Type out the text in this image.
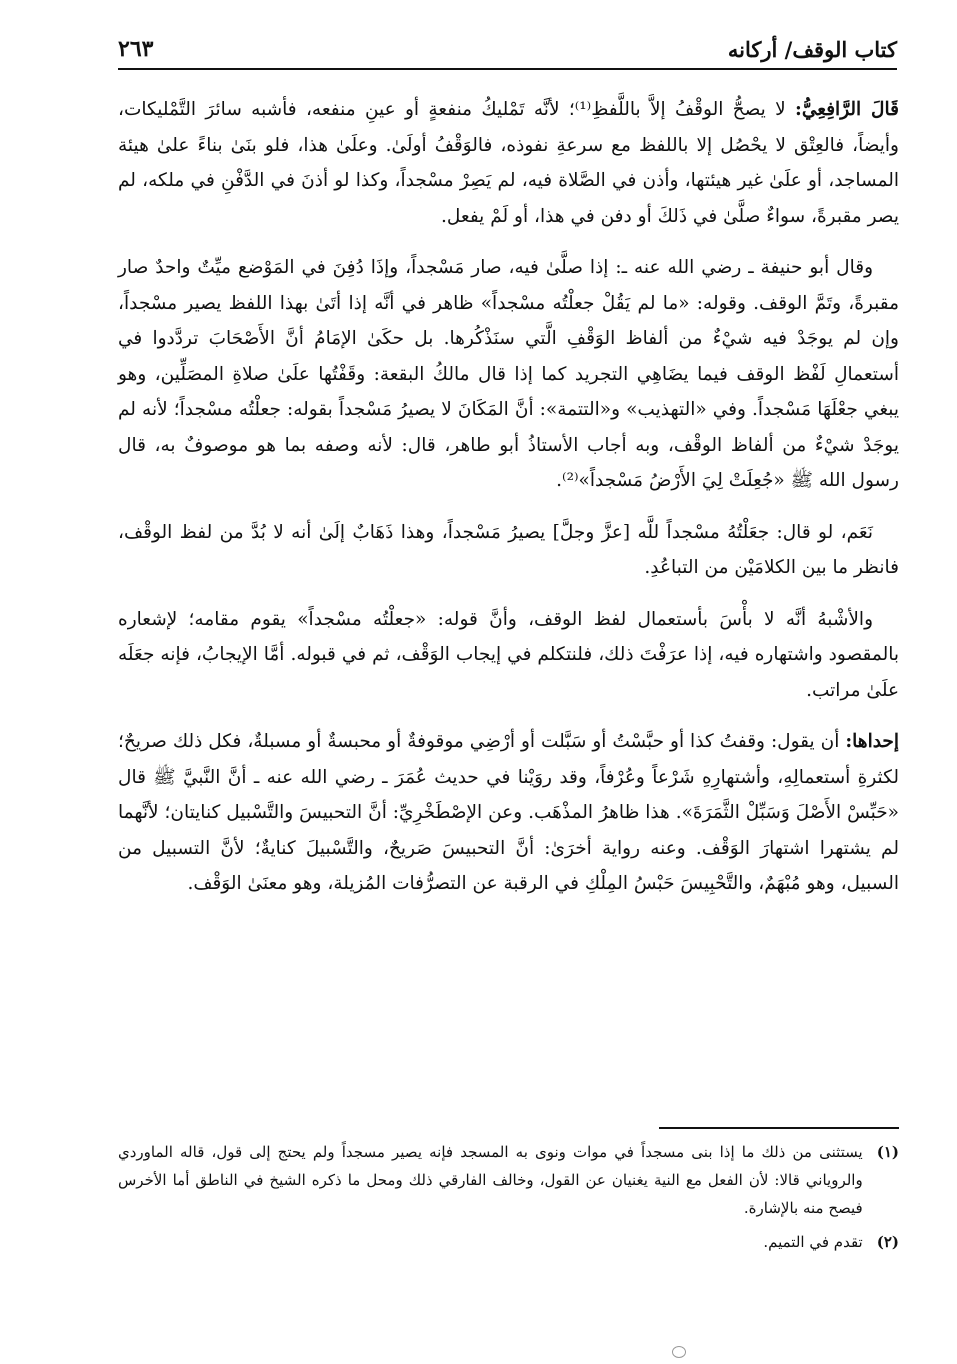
كتاب الوقف/ أركانه
٢٦٣

قَالَ الرَّافِعِيُّ: لا يصحُّ الوقْفُ إلاَّ باللَّفظِ⁽¹⁾؛ لأنَّه تَمْليكُ منفعةٍ أو عينِ منفعه، فأشبه سائرَ التَّمْليكات، وأيضاً، فالعِتْق لا يحْصُل إلا باللفظ مع سرعةِ نفوذه، فالوَقْفُ أولَىٰ. وعلَىٰ هذا، فلو بنَىٰ بناءً علىٰ هيئة المساجد، أو علَىٰ غير هيئتها، وأذن في الصَّلاة فيه، لم يَصِرْ مسْجداً، وكذا لو أذنَ في الدَّفْنِ في ملكه، لم يصر مقبرةً، سواءٌ صلَّىٰ في ذَلكَ أو دفن في هذا، أو لَمْ يفعل.

وقال أبو حنيفة ـ رضي الله عنه ـ: إذا صلَّىٰ فيه، صار مَسْجداً، وإذَا دُفِنَ في المَوْضع ميِّتٌ واحدٌ صار مقبرةً، وتَمَّ الوقف. وقوله: «ما لم يَقُلْ جعلْتُه مسْجداً» ظاهر في أنَّه إذا أتَىٰ بهذا اللفظ يصير مسْجداً، وإن لم يوجَدْ فيه شيْءٌ من ألفاظ الوَقْفِ الَّتي سنَذْكُرها. بل حكَىٰ الإمَامُ أنَّ الأَصْحَابَ تردَّدوا في أستعمالِ لَفْظ الوقف فيما يضَاهِي التجريد كما إذا قال مالكُ البقعة: وقَفْتُها علَىٰ صلاةِ المصَلِّين، وهو يبغي جعْلَهَا مَسْجداً. وفي «التهذيب» و«التتمة»: أنَّ المَكَانَ لا يصيرُ مَسْجداً بقوله: جعلْتُه مسْجداً؛ لأنه لم يوجَدْ شيْءٌ من ألفاظ الوقْف، وبه أجاب الأستاذُ أبو طاهر، قال: لأنه وصفه بما هو موصوفٌ به، قال رسول الله ﷺ «جُعِلَتْ لِيَ الأَرْضُ مَسْجداً»⁽²⁾.

نَعَم، لو قال: جعَلْتُهُ مسْجداً للَّه [عزَّ وجلَّ] يصيرُ مَسْجداً، وهذا ذَهَابٌ إلَىٰ أنه لا بُدَّ من لفظ الوقْف، فانظر ما بين الكلامَيْن من التباعُدِ.

والأشْبهُ أنَّه لا بأْسَ بأستعمال لفظ الوقف، وأنَّ قوله: «جعلْتُه مسْجداً» يقوم مقامه؛ لإشعاره بالمقصود واشتهاره فيه، إذا عرَفْتَ ذلك، فلنتكلم في إيجاب الوَقْف، ثم في قبوله. أمَّا الإيجابُ، فإنه جعَلَه علَىٰ مراتب.

إحداها: أن يقول: وقفتُ كذا أو حبَّسْتُ أو سَبَّلت أو أرْضِي موقوفةٌ أو محبسةٌ أو مسبلةٌ، فكل ذلك صريحٌ؛ لكثرةِ أستعمالِهِ، وأشتهارِهِ شَرْعاً وعُرْفاً، وقد روَيْنا في حديث عُمَرَ ـ رضي الله عنه ـ أنَّ النَّبيَّ ﷺ قال «حَبِّسْ الأَصْلَ وَسَبِّلْ الثَّمَرَةَ». هذا ظاهرُ المذْهَب. وعن الإصْطَخْرِيِّ: أنَّ التحبيسَ والتَّسْبيل كنايتان؛ لأنَّهما لم يشتهرا اشتهارَ الوَقْف. وعنه رواية أخرَىٰ: أنَّ التحبيسَ صَريحٌ، والتَّسْبيلَ كنايةٌ؛ لأنَّ التسبيل من السبيل، وهو مُبْهَمٌ، والتَّحْبِيسَ حَبْسُ المِلْكِ في الرقبة عن التصرُّفات المُزيلة، وهو معنَىٰ الوَقْف.

(١)
يستثنى من ذلك ما إذا بنى مسجداً في موات ونوى به المسجد فإنه يصير مسجداً ولم يحتج إلى قول، قاله الماوردي والروياني قالا: لأن الفعل مع النية يغنيان عن القول، وخالف الفارقي ذلك ومحل ما ذكره الشيخ في الناطق أما الأخرس فيصح منه بالإشارة.
(٢)
تقدم في التميم.
